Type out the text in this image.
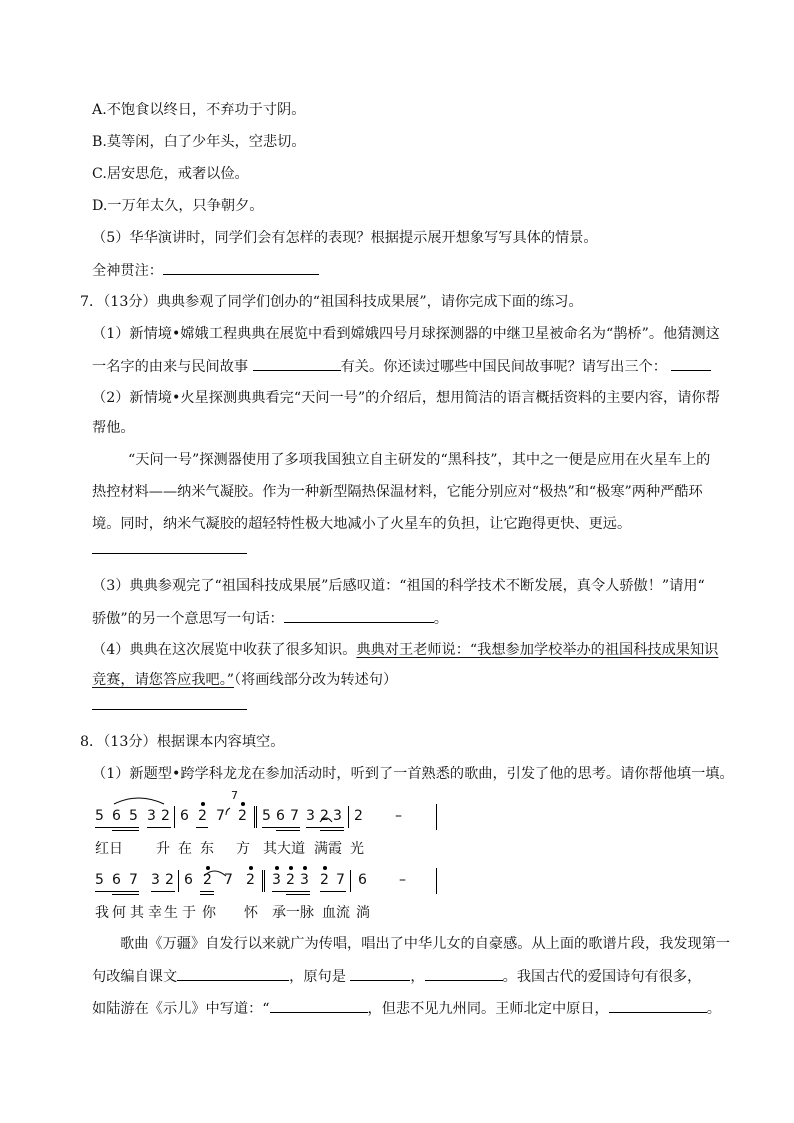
A.不饱食以终日，不弃功于寸阴。
B.莫等闲，白了少年头，空悲切。
C.居安思危，戒奢以俭。
D.一万年太久，只争朝夕。
（5）华华演讲时，同学们会有怎样的表现？根据提示展开想象写写具体的情景。
全神贯注：
7．（13分）典典参观了同学们创办的“祖国科技成果展”，请你完成下面的练习。
（1）新情境•嫦娥工程典典在展览中看到嫦娥四号月球探测器的中继卫星被命名为“鹊桥”。他猜测这
一名字的由来与民间故事	有关。你还读过哪些中国民间故事呢？请写出三个：
（2）新情境•火星探测典典看完“天问一号”的介绍后，想用简洁的语言概括资料的主要内容，请你帮
帮他。
“天问一号”探测器使用了多项我国独立自主研发的“黑科技”，其中之一便是应用在火星车上的
热控材料——纳米气凝胶。作为一种新型隔热保温材料，它能分别应对“极热”和“极寒”两种严酷环
境。同时，纳米气凝胶的超轻特性极大地减小了火星车的负担，让它跑得更快、更远。
（3）典典参观完了“祖国科技成果展”后感叹道：“祖国的科学技术不断发展，真令人骄傲！”请用“
骄傲”的另一个意思写一句话：	。
（4）典典在这次展览中收获了很多知识。典典对王老师说：“我想参加学校举办的祖国科技成果知识
竞赛，请您答应我吧。”（将画线部分改为转述句）
8．（13分）根据课本内容填空。
（1）新题型•跨学科龙龙在参加活动时，听到了一首熟悉的歌曲，引发了他的思考。请你帮他填一填。
5 6 5 3 2 6 2 7
7
2 5 6 7 3 2 3 2 –
红日 升 在 东 方 其大道 满霞 光
5 6 7 3 2 6 2 7 2 3 2 3 2 7 6 –
我 何 其 幸 生 于 你 怀 承一脉 血流 淌
歌曲《万疆》自发行以来就广为传唱，唱出了中华儿女的自豪感。从上面的歌谱片段，我发现第一
句改编自课文	，原句是	，	。我国古代的爱国诗句有很多，
如陆游在《示儿》中写道：“	，但悲不见九州同。王师北定中原日，	。
